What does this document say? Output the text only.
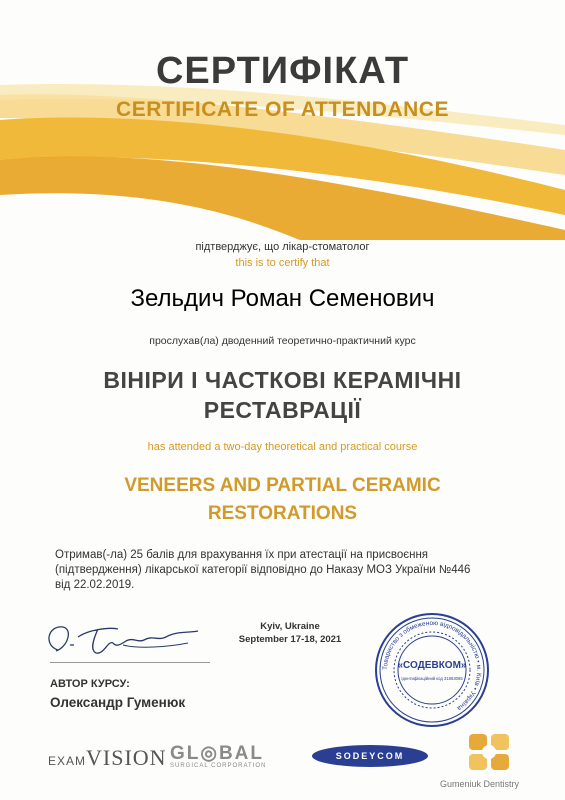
СЕРТИФІКАТ
CERTIFICATE OF ATTENDANCE
підтверджує, що лікар-стоматолог
this is to certify that
Зельдич Роман Семенович
прослухав(ла) дводенний теоретично-практичний курс
ВІНІРИ І ЧАСТКОВІ КЕРАМІЧНІ
РЕСТАВРАЦІЇ
has attended a two-day theoretical and practical course
VENEERS AND PARTIAL CERAMIC
RESTORATIONS
Отримав(-ла) 25 балів для врахування їх при атестації на присвоєння
(підтвердження) лікарської категорії відповідно до Наказу МОЗ України №446
від 22.02.2019.
Kyiv, Ukraine
September 17-18, 2021
АВТОР КУРСУ:
Олександр Гуменюк
Товариство з обмеженою відповідальністю • м. Київ • Україна
«СОДЕВКОМ»
Ідентифікаційний код 31863065
EXAMVISION GL◎BAL
SURGICAL CORPORATION
SODEYCOM
Gumeniuk Dentistry
